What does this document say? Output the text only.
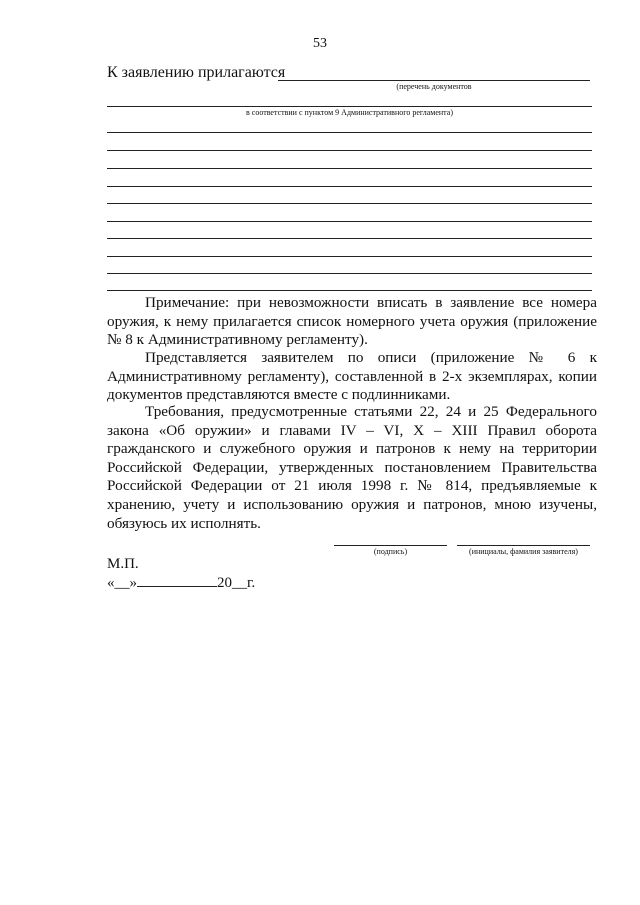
53
К заявлению прилагаются
(перечень документов
в соответствии с пунктом 9 Административного регламента)

Примечание: при невозможности вписать в заявление все номера оружия, к нему прилагается список номерного учета оружия (приложение № 8 к Административному регламенту).

Представляется заявителем по описи (приложение № 6 к Административному регламенту), составленной в 2-х экземплярах, копии документов представляются вместе с подлинниками.

Требования, предусмотренные статьями 22, 24 и 25 Федерального закона «Об оружии» и главами IV – VI, X – XIII Правил оборота гражданского и служебного оружия и патронов к нему на территории Российской Федерации, утвержденных постановлением Правительства Российской Федерации от 21 июля 1998 г. № 814, предъявляемые к хранению, учету и использованию оружия и патронов, мною изучены, обязуюсь их исполнять.

(подпись)	(инициалы, фамилия заявителя)
М.П.
«__»	20__г.
